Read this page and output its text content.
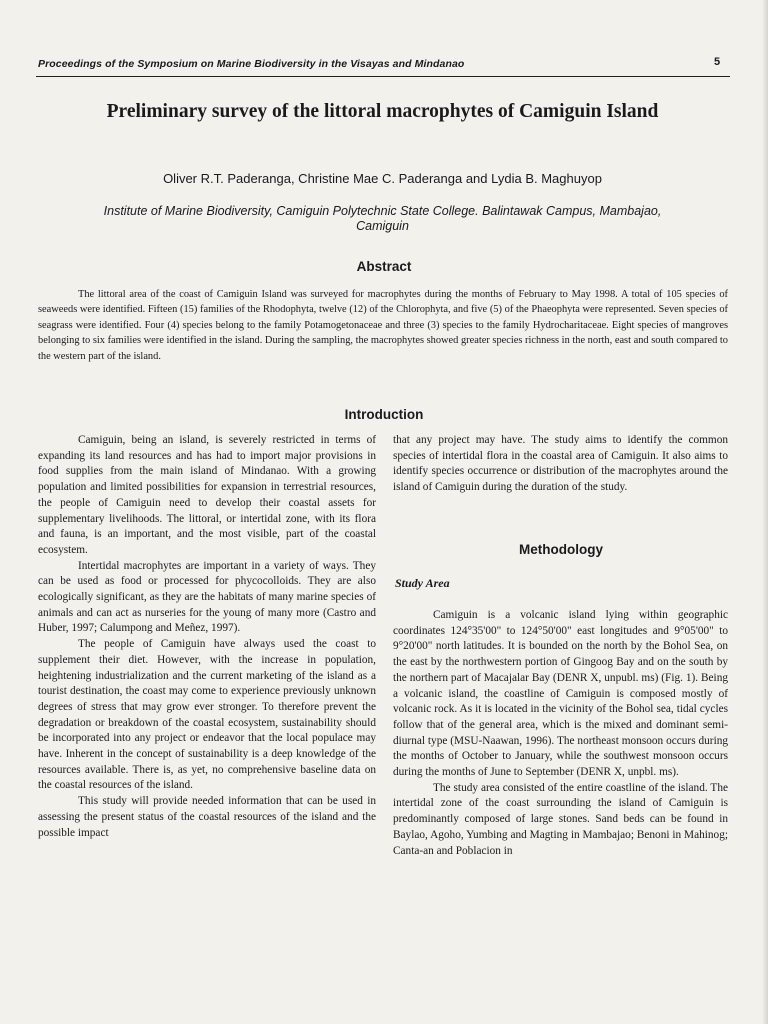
Proceedings of the Symposium on Marine Biodiversity in the Visayas and Mindanao	5
Preliminary survey of the littoral macrophytes of Camiguin Island
Oliver R.T. Paderanga, Christine Mae C. Paderanga and Lydia B. Maghuyop
Institute of Marine Biodiversity, Camiguin Polytechnic State College. Balintawak Campus, Mambajao, Camiguin
Abstract
The littoral area of the coast of Camiguin Island was surveyed for macrophytes during the months of February to May 1998. A total of 105 species of seaweeds were identified. Fifteen (15) families of the Rhodophyta, twelve (12) of the Chlorophyta, and five (5) of the Phaeophyta were represented. Seven species of seagrass were identified. Four (4) species belong to the family Potamogetonaceae and three (3) species to the family Hydrocharitaceae. Eight species of mangroves belonging to six families were identified in the island. During the sampling, the macrophytes showed greater species richness in the north, east and south compared to the western part of the island.
Introduction

Camiguin, being an island, is severely restricted in terms of expanding its land resources and has had to import major provisions in food supplies from the main island of Mindanao. With a growing population and limited possibilities for expansion in terrestrial resources, the people of Camiguin need to develop their coastal assets for supplementary livelihoods. The littoral, or intertidal zone, with its flora and fauna, is an important, and the most visible, part of the coastal ecosystem.

Intertidal macrophytes are important in a variety of ways. They can be used as food or processed for phycocolloids. They are also ecologically significant, as they are the habitats of many marine species of animals and can act as nurseries for the young of many more (Castro and Huber, 1997; Calumpong and Meñez, 1997).

The people of Camiguin have always used the coast to supplement their diet. However, with the increase in population, heightening industrialization and the current marketing of the island as a tourist destination, the coast may come to experience previously unknown degrees of stress that may grow ever stronger. To therefore prevent the degradation or breakdown of the coastal ecosystem, sustainability should be incorporated into any project or endeavor that the local populace may have. Inherent in the concept of sustainability is a deep knowledge of the resources available. There is, as yet, no comprehensive baseline data on the coastal resources of the island.

This study will provide needed information that can be used in assessing the present status of the coastal resources of the island and the possible impact

that any project may have. The study aims to identify the common species of intertidal flora in the coastal area of Camiguin. It also aims to identify species occurrence or distribution of the macrophytes around the island of Camiguin during the duration of the study.

Methodology
Study Area

Camiguin is a volcanic island lying within geographic coordinates 124°35'00" to 124°50'00" east longitudes and 9°05'00" to 9°20'00" north latitudes. It is bounded on the north by the Bohol Sea, on the east by the northwestern portion of Gingoog Bay and on the south by the northern part of Macajalar Bay (DENR X, unpubl. ms) (Fig. 1). Being a volcanic island, the coastline of Camiguin is composed mostly of volcanic rock. As it is located in the vicinity of the Bohol sea, tidal cycles follow that of the general area, which is the mixed and dominant semi-diurnal type (MSU-Naawan, 1996). The northeast monsoon occurs during the months of October to January, while the southwest monsoon occurs during the months of June to September (DENR X, unpbl. ms).

The study area consisted of the entire coastline of the island. The intertidal zone of the coast surrounding the island of Camiguin is predominantly composed of large stones. Sand beds can be found in Baylao, Agoho, Yumbing and Magting in Mambajao; Benoni in Mahinog; Canta-an and Poblacion in
